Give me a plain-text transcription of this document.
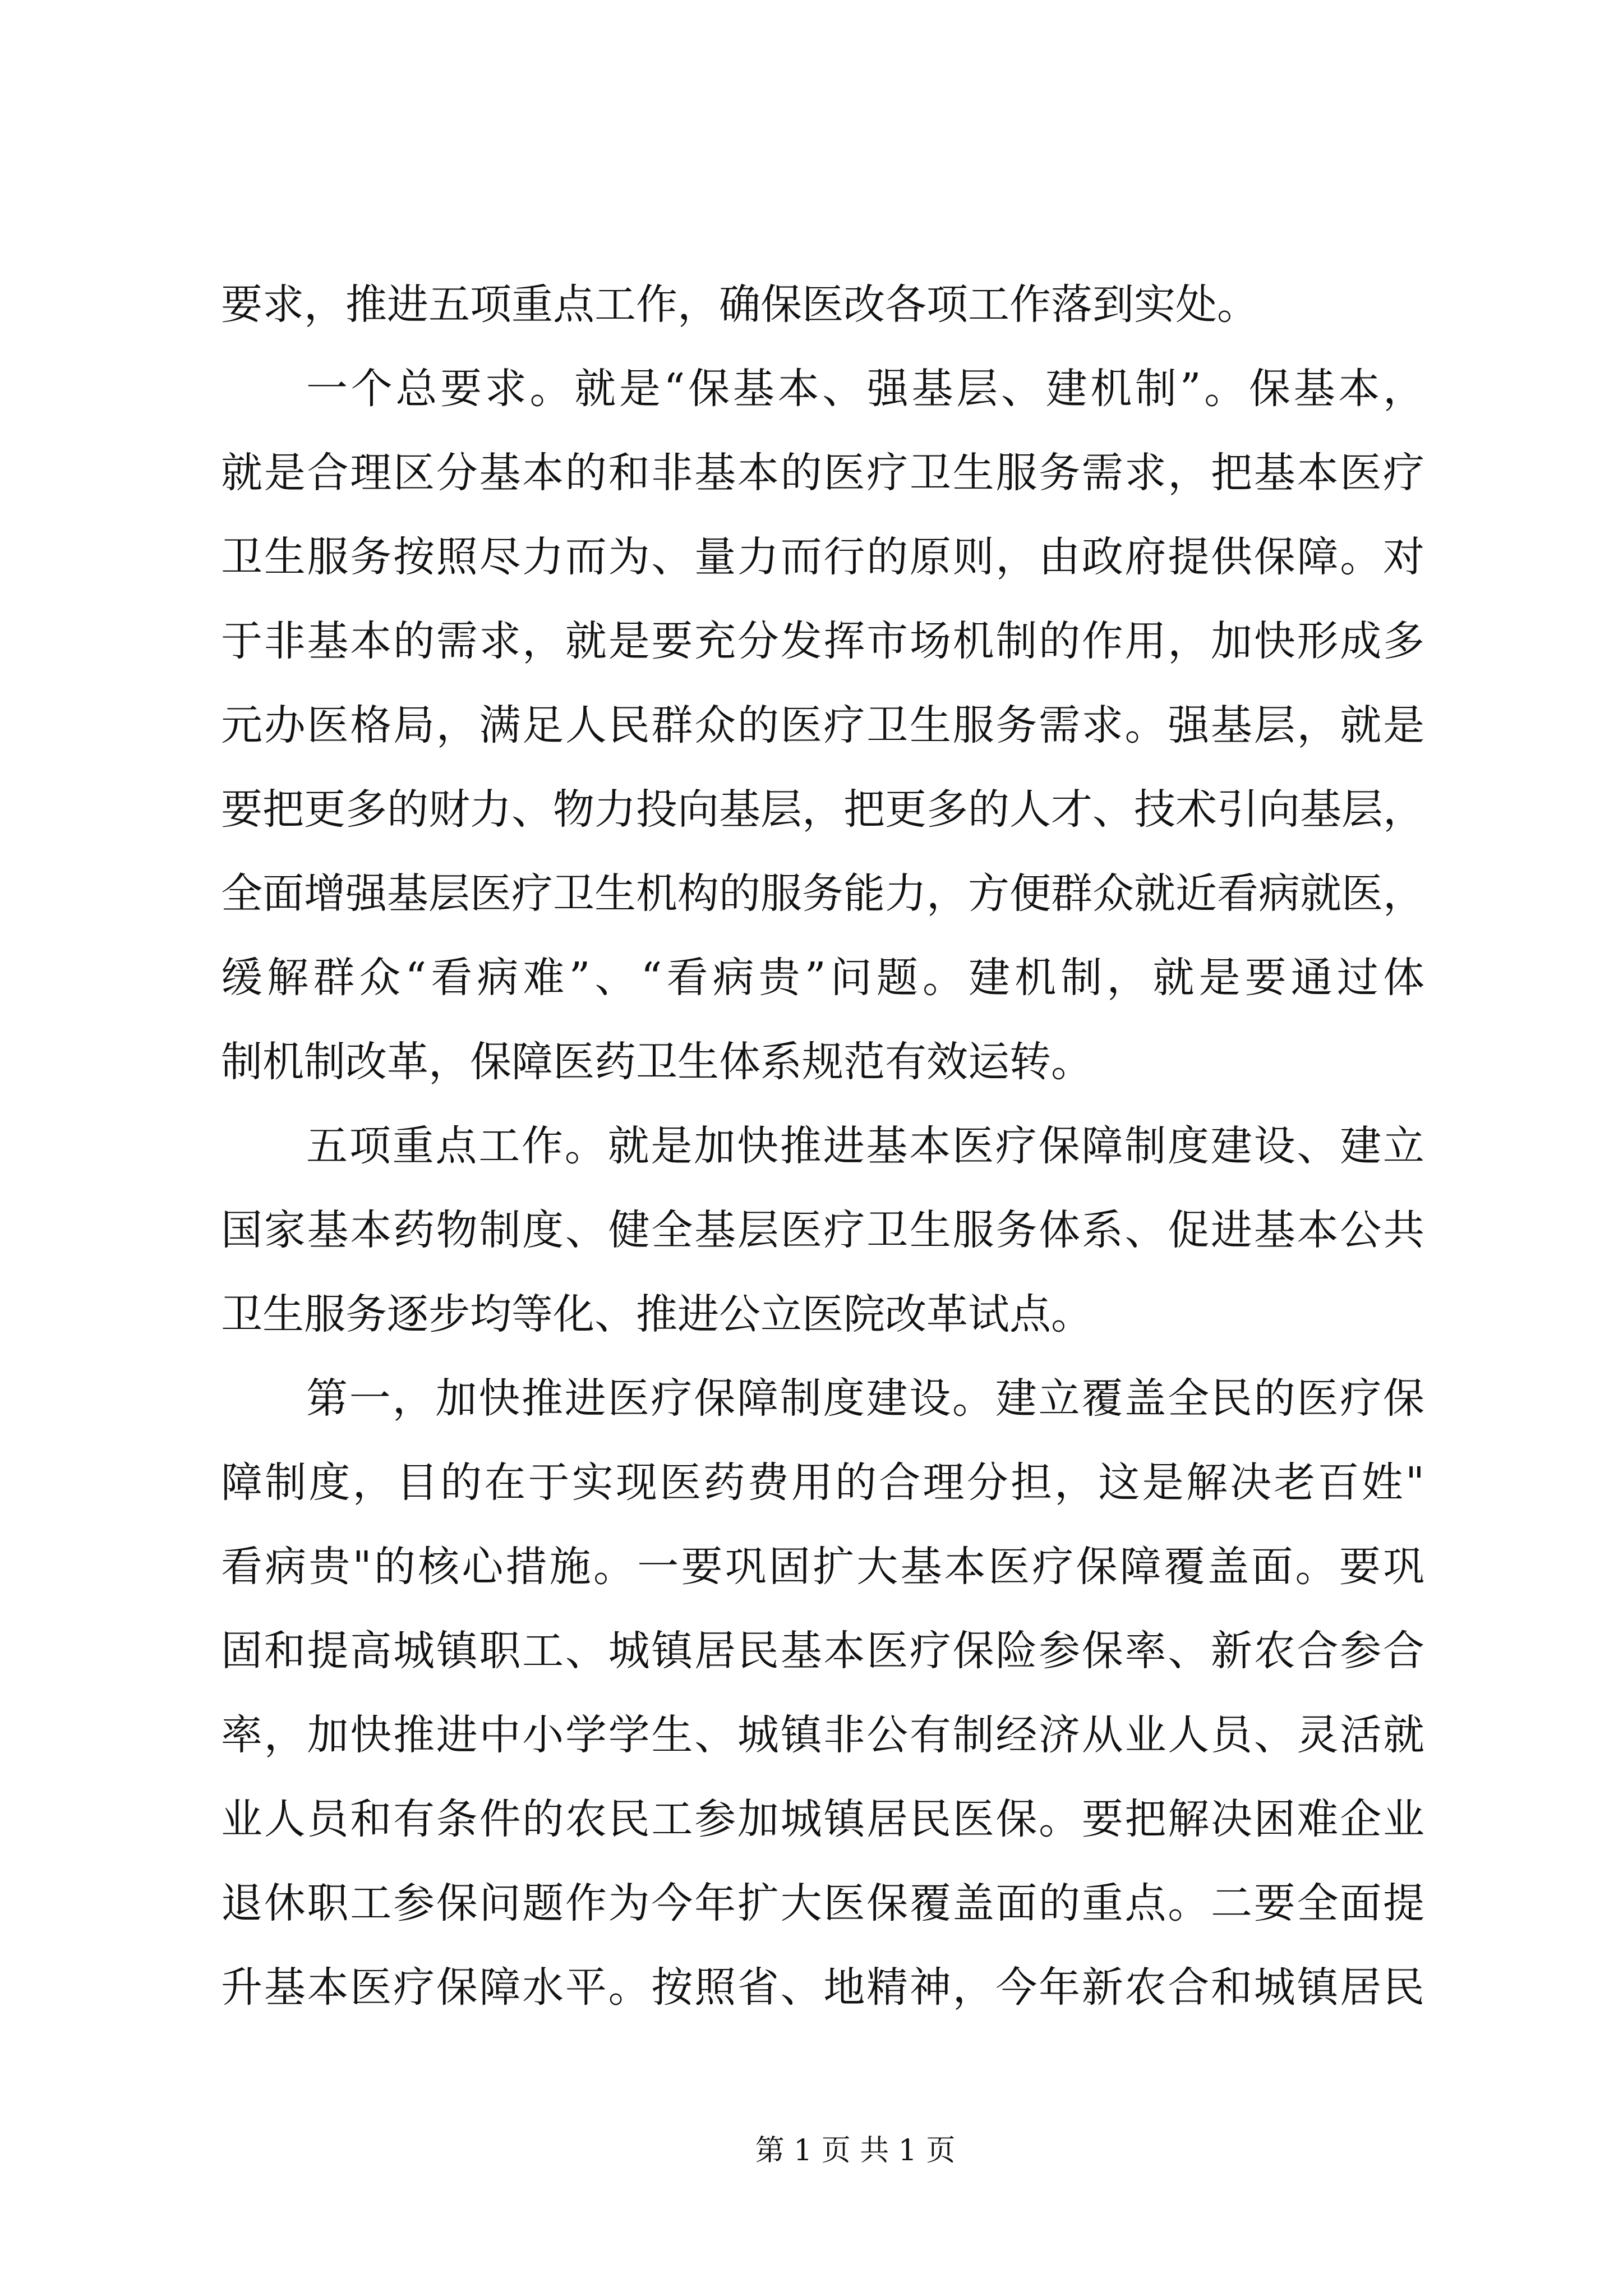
要求，推进五项重点工作，确保医改各项工作落到实处。
一个总要求。就是“保基本、强基层、建机制”。保基本，
就是合理区分基本的和非基本的医疗卫生服务需求，把基本医疗
卫生服务按照尽力而为、量力而行的原则，由政府提供保障。对
于非基本的需求，就是要充分发挥市场机制的作用，加快形成多
元办医格局，满足人民群众的医疗卫生服务需求。强基层，就是
要把更多的财力、物力投向基层，把更多的人才、技术引向基层，
全面增强基层医疗卫生机构的服务能力，方便群众就近看病就医，
缓解群众“看病难”、“看病贵”问题。建机制，就是要通过体
制机制改革，保障医药卫生体系规范有效运转。
五项重点工作。就是加快推进基本医疗保障制度建设、建立
国家基本药物制度、健全基层医疗卫生服务体系、促进基本公共
卫生服务逐步均等化、推进公立医院改革试点。
第一，加快推进医疗保障制度建设。建立覆盖全民的医疗保
障制度，目的在于实现医药费用的合理分担，这是解决老百姓"
看病贵"的核心措施。一要巩固扩大基本医疗保障覆盖面。要巩
固和提高城镇职工、城镇居民基本医疗保险参保率、新农合参合
率，加快推进中小学学生、城镇非公有制经济从业人员、灵活就
业人员和有条件的农民工参加城镇居民医保。要把解决困难企业
退休职工参保问题作为今年扩大医保覆盖面的重点。二要全面提
升基本医疗保障水平。按照省、地精神，今年新农合和城镇居民
第 1 页 共 1 页
